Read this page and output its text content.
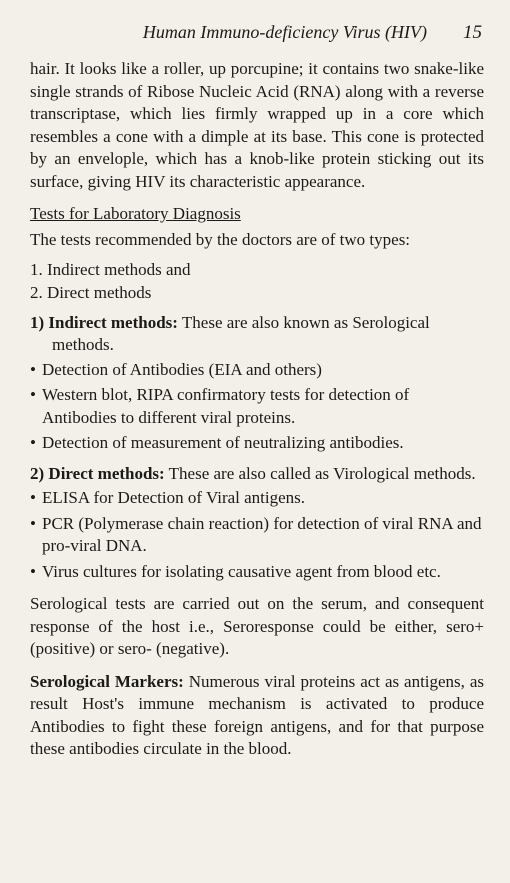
Human Immuno-deficiency Virus (HIV) 15

hair. It looks like a roller, up porcupine; it contains two snake-like single strands of Ribose Nucleic Acid (RNA) along with a reverse transcriptase, which lies firmly wrapped up in a core which resembles a cone with a dimple at its base. This cone is protected by an envelople, which has a knob-like protein sticking out its surface, giving HIV its characteristic appearance.

Tests for Laboratory Diagnosis

The tests recommended by the doctors are of two types:

1. Indirect methods and
2. Direct methods
1) Indirect methods: These are also known as Serological methods.
• Detection of Antibodies (EIA and others)
• Western blot, RIPA confirmatory tests for detection of Antibodies to different viral proteins.
• Detection of measurement of neutralizing antibodies.
2) Direct methods: These are also called as Virological methods.
• ELISA for Detection of Viral antigens.
• PCR (Polymerase chain reaction) for detection of viral RNA and pro-viral DNA.
• Virus cultures for isolating causative agent from blood etc.

Serological tests are carried out on the serum, and consequent response of the host i.e., Seroresponse could be either, sero+ (positive) or sero- (negative).

Serological Markers: Numerous viral proteins act as antigens, as result Host's immune mechanism is activated to produce Antibodies to fight these foreign antigens, and for that purpose these antibodies circulate in the blood.
